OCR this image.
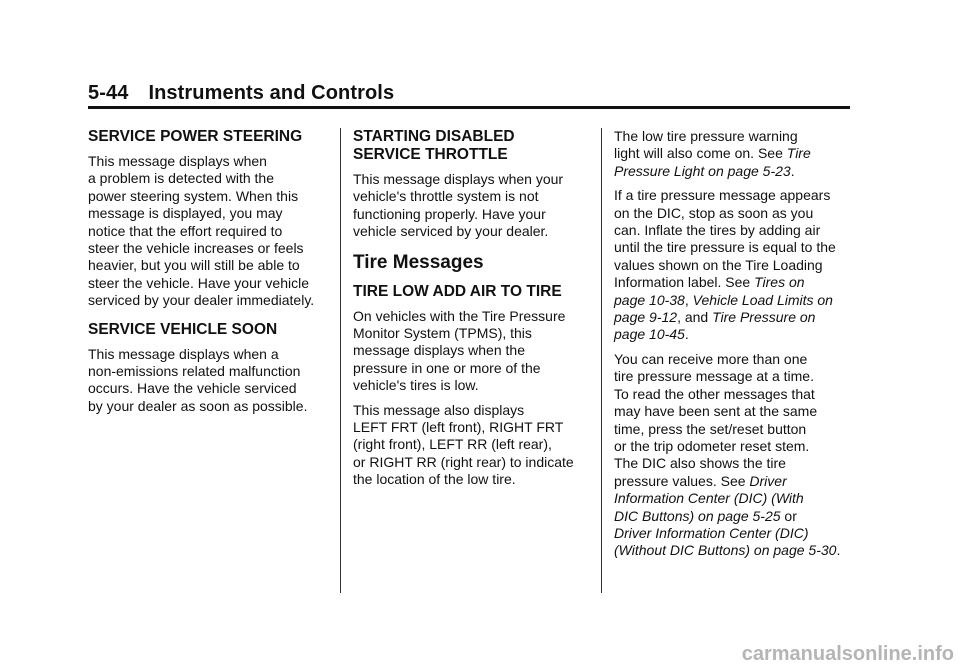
5-44 Instruments and Controls
SERVICE POWER STEERING

This message displays when
a problem is detected with the
power steering system. When this
message is displayed, you may
notice that the effort required to
steer the vehicle increases or feels
heavier, but you will still be able to
steer the vehicle. Have your vehicle
serviced by your dealer immediately.

SERVICE VEHICLE SOON

This message displays when a
non-emissions related malfunction
occurs. Have the vehicle serviced
by your dealer as soon as possible.

STARTING DISABLED
SERVICE THROTTLE

This message displays when your
vehicle's throttle system is not
functioning properly. Have your
vehicle serviced by your dealer.

Tire Messages
TIRE LOW ADD AIR TO TIRE

On vehicles with the Tire Pressure
Monitor System (TPMS), this
message displays when the
pressure in one or more of the
vehicle's tires is low.

This message also displays
LEFT FRT (left front), RIGHT FRT
(right front), LEFT RR (left rear),
or RIGHT RR (right rear) to indicate
the location of the low tire.

The low tire pressure warning
light will also come on. See Tire
Pressure Light on page 5-23.

If a tire pressure message appears
on the DIC, stop as soon as you
can. Inflate the tires by adding air
until the tire pressure is equal to the
values shown on the Tire Loading
Information label. See Tires on
page 10-38, Vehicle Load Limits on
page 9-12, and Tire Pressure on
page 10-45.

You can receive more than one
tire pressure message at a time.
To read the other messages that
may have been sent at the same
time, press the set/reset button
or the trip odometer reset stem.
The DIC also shows the tire
pressure values. See Driver
Information Center (DIC) (With
DIC Buttons) on page 5-25 or
Driver Information Center (DIC)
(Without DIC Buttons) on page 5-30.

carmanualsonline.info
